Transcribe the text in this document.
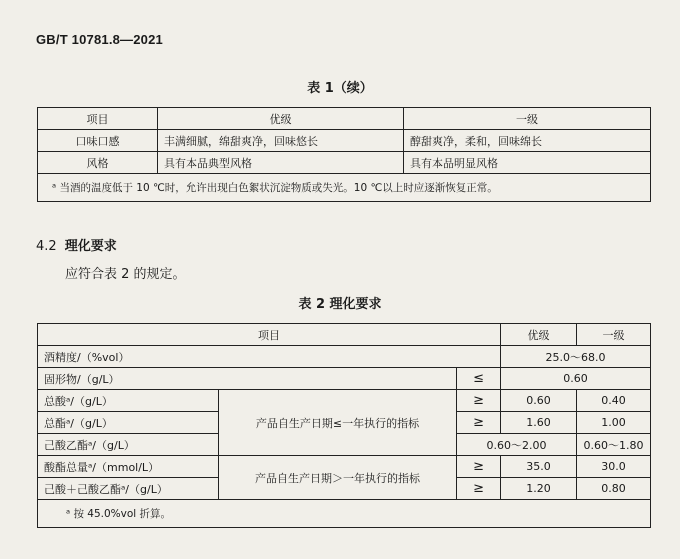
GB/T 10781.8—2021
表 1（续）
项目	优级	一级
口味口感	丰满细腻，绵甜爽净，回味悠长	醇甜爽净，柔和，回味绵长
风格	具有本品典型风格	具有本品明显风格
ᵃ 当酒的温度低于 10 ℃时，允许出现白色絮状沉淀物质或失光。10 ℃以上时应逐渐恢复正常。		
4.2 理化要求
应符合表 2 的规定。
表 2 理化要求
项目			优级	一级
酒精度/（%vol）			25.0～68.0	
固形物/（g/L）		≤	0.60	
总酸ᵃ/（g/L）	产品自生产日期≤一年执行的指标	≥	0.60	0.40
总酯ᵃ/（g/L）		≥	1.60	1.00
己酸乙酯ᵃ/（g/L）		0.60～2.00		0.60～1.80
酸酯总量ᵃ/（mmol/L）	产品自生产日期＞一年执行的指标	≥	35.0	30.0
己酸＋己酸乙酯ᵃ/（g/L）		≥	1.20	0.80
ᵃ 按 45.0%vol 折算。				
